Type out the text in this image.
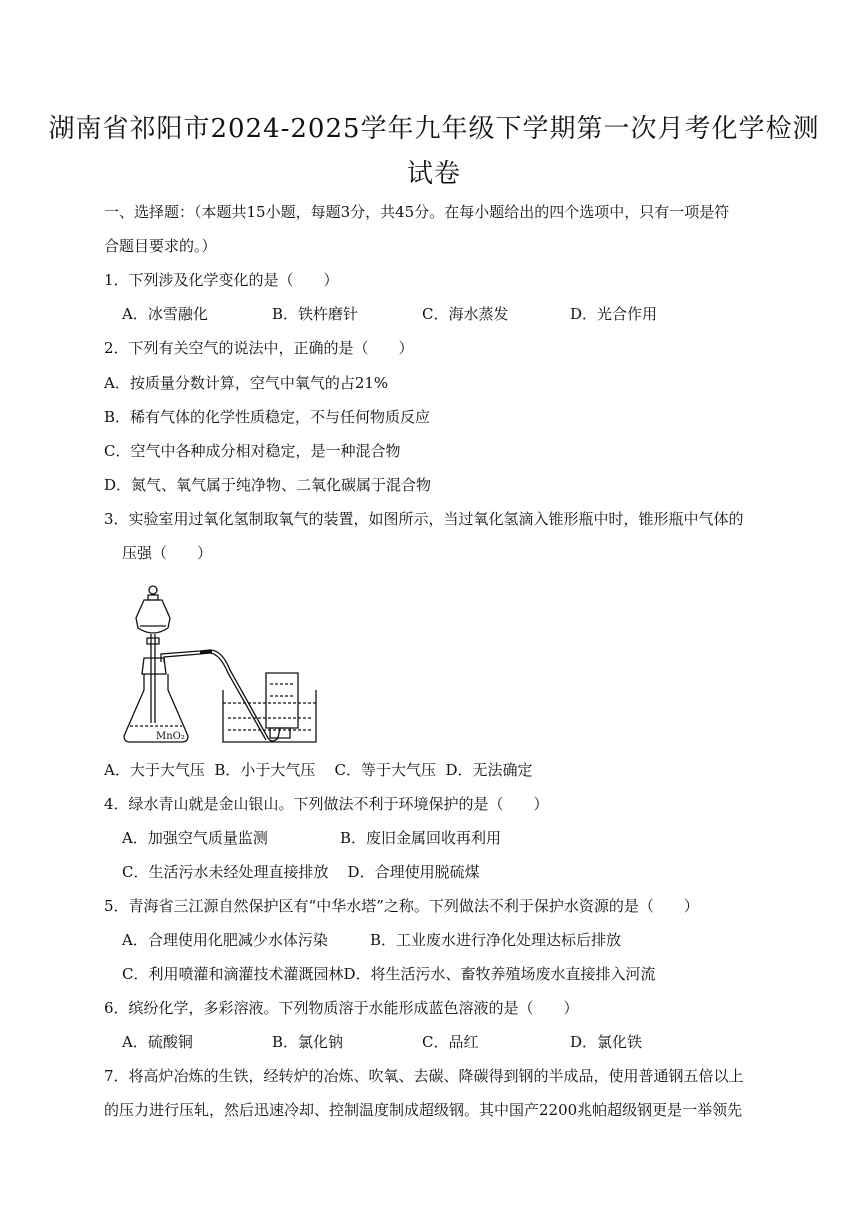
湖南省祁阳市2024-2025学年九年级下学期第一次月考化学检测
试卷
一、选择题：（本题共15小题，每题3分，共45分。在每小题给出的四个选项中，只有一项是符
合题目要求的。）
1．下列涉及化学变化的是（　　）
A．冰雪融化	B．铁杵磨针	C．海水蒸发	D．光合作用
2．下列有关空气的说法中，正确的是（　　）
A．按质量分数计算，空气中氧气的占21%
B．稀有气体的化学性质稳定，不与任何物质反应
C．空气中各种成分相对稳定，是一种混合物
D．氮气、氧气属于纯净物、二氧化碳属于混合物
3．实验室用过氧化氢制取氧气的装置，如图所示，当过氧化氢滴入锥形瓶中时，锥形瓶中气体的
压强（　　）
MnO₂
A．大于大气压  B．小于大气压    C．等于大气压  D．无法确定
4．绿水青山就是金山银山。下列做法不利于环境保护的是（　　）
A．加强空气质量监测	B．废旧金属回收再利用
C．生活污水未经处理直接排放    D．合理使用脱硫煤
5．青海省三江源自然保护区有“中华水塔”之称。下列做法不利于保护水资源的是（　　）
A．合理使用化肥减少水体污染	B．工业废水进行净化处理达标后排放
C．利用喷灌和滴灌技术灌溉园林D．将生活污水、畜牧养殖场废水直接排入河流
6．缤纷化学，多彩溶液。下列物质溶于水能形成蓝色溶液的是（　　）
A．硫酸铜	B．氯化钠	C．品红	D．氯化铁
7．将高炉冶炼的生铁，经转炉的冶炼、吹氧、去碳、降碳得到钢的半成品，使用普通钢五倍以上
的压力进行压轧，然后迅速冷却、控制温度制成超级钢。其中国产2200兆帕超级钢更是一举领先
